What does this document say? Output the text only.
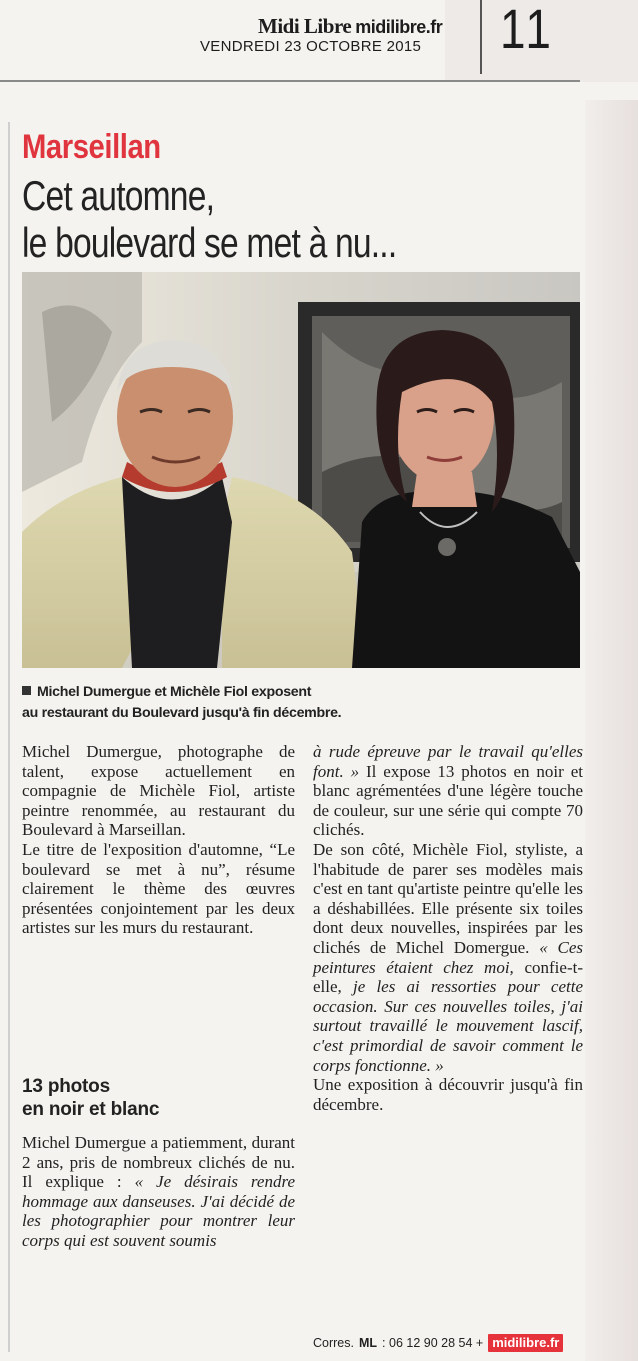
Midi Libre midilibre.fr
VENDREDI 23 OCTOBRE 2015 11
Marseillan
Cet automne,
le boulevard se met à nu...
Michel Dumergue et Michèle Fiol exposent
au restaurant du Boulevard jusqu'à fin décembre.

Michel Dumergue, photographe de talent, expose actuellement en compagnie de Michèle Fiol, artiste peintre renommée, au restaurant du Boulevard à Marseillan.

Le titre de l'exposition d'automne, “Le boulevard se met à nu”, résume clairement le thème des œuvres présentées conjointement par les deux artistes sur les murs du restaurant.

13 photos
en noir et blanc

Michel Dumergue a patiemment, durant 2 ans, pris de nombreux clichés de nu. Il explique : « Je désirais rendre hommage aux danseuses. J'ai décidé de les photographier pour montrer leur corps qui est souvent soumis

à rude épreuve par le travail qu'elles font. » Il expose 13 photos en noir et blanc agrémentées d'une légère touche de couleur, sur une série qui compte 70 clichés.

De son côté, Michèle Fiol, styliste, a l'habitude de parer ses modèles mais c'est en tant qu'artiste peintre qu'elle les a déshabillées. Elle présente six toiles dont deux nouvelles, inspirées par les clichés de Michel Domergue. « Ces peintures étaient chez moi, confie-t-elle, je les ai ressorties pour cette occasion. Sur ces nouvelles toiles, j'ai surtout travaillé le mouvement lascif, c'est primordial de savoir comment le corps fonctionne. »

Une exposition à découvrir jusqu'à fin décembre.

Corres. ML : 06 12 90 28 54 + midilibre.fr
